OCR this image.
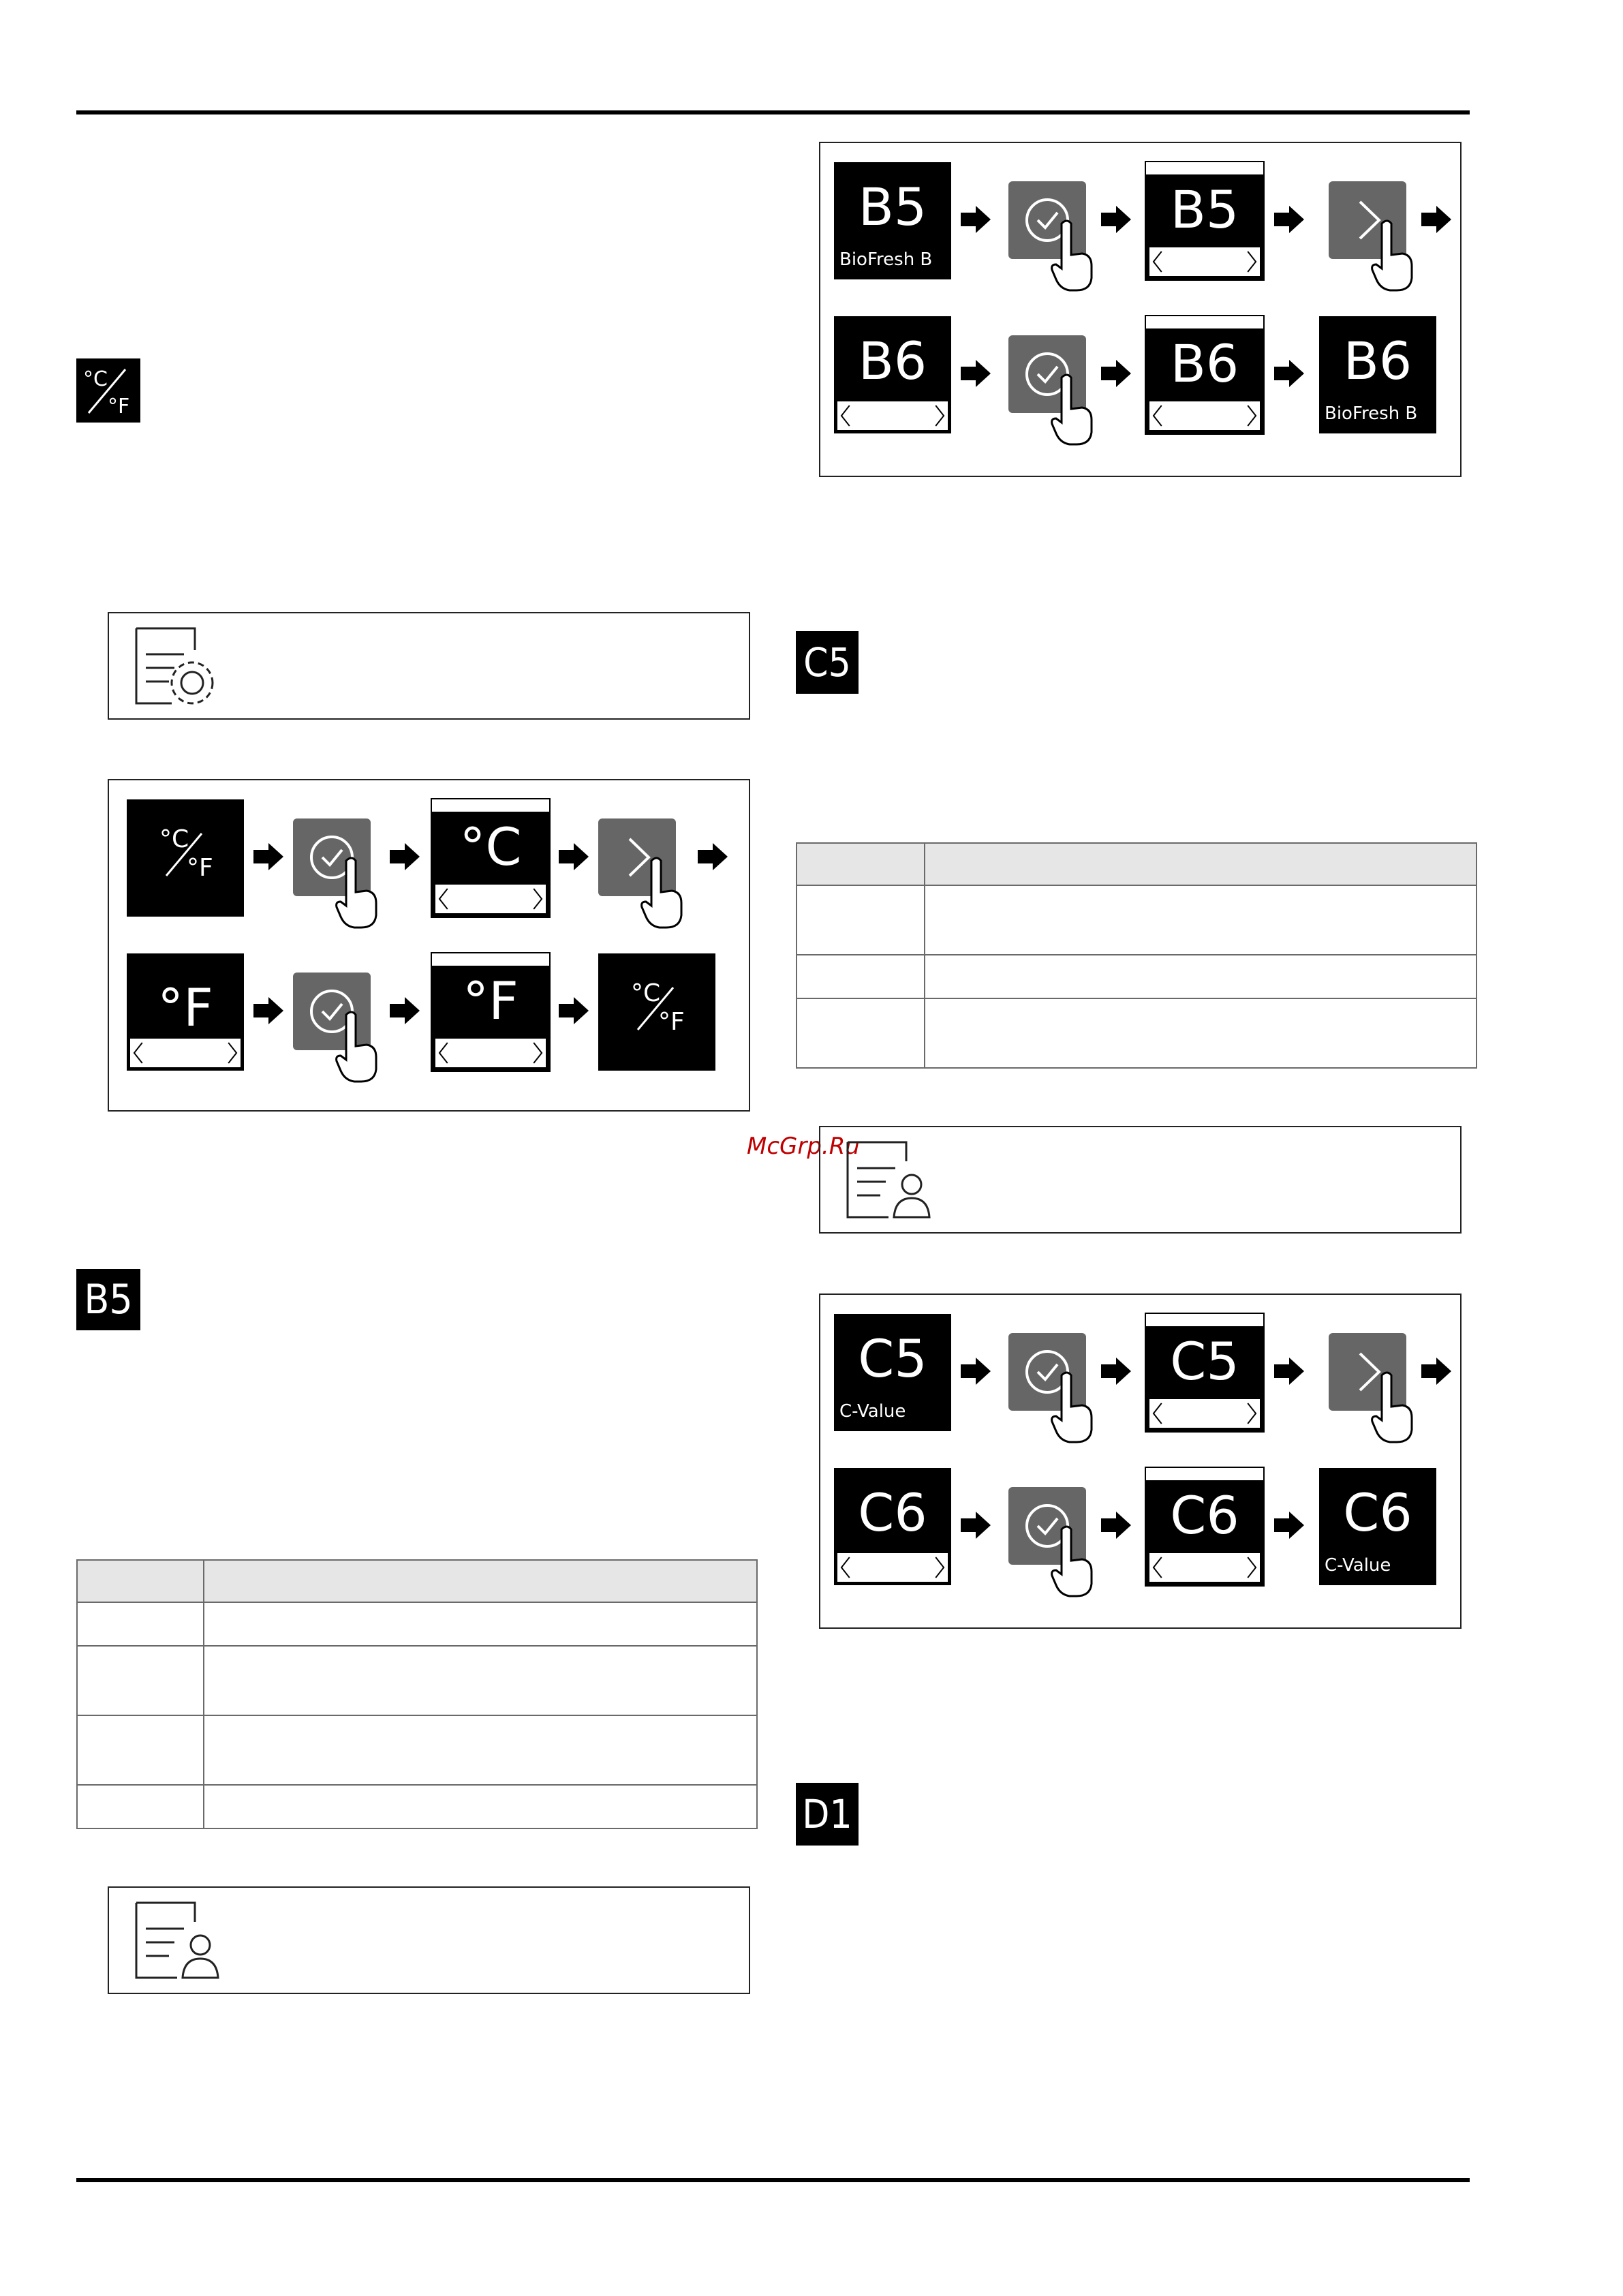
°C
°F
°C
°F	°C
°F	°F	°C
°F
B5

B5
BioFresh B
B5
B6	B6	B6
BioFresh B
C5

McGrp.Ru
C5
C-Value
C5
C6	C6	C6
C-Value
D1
